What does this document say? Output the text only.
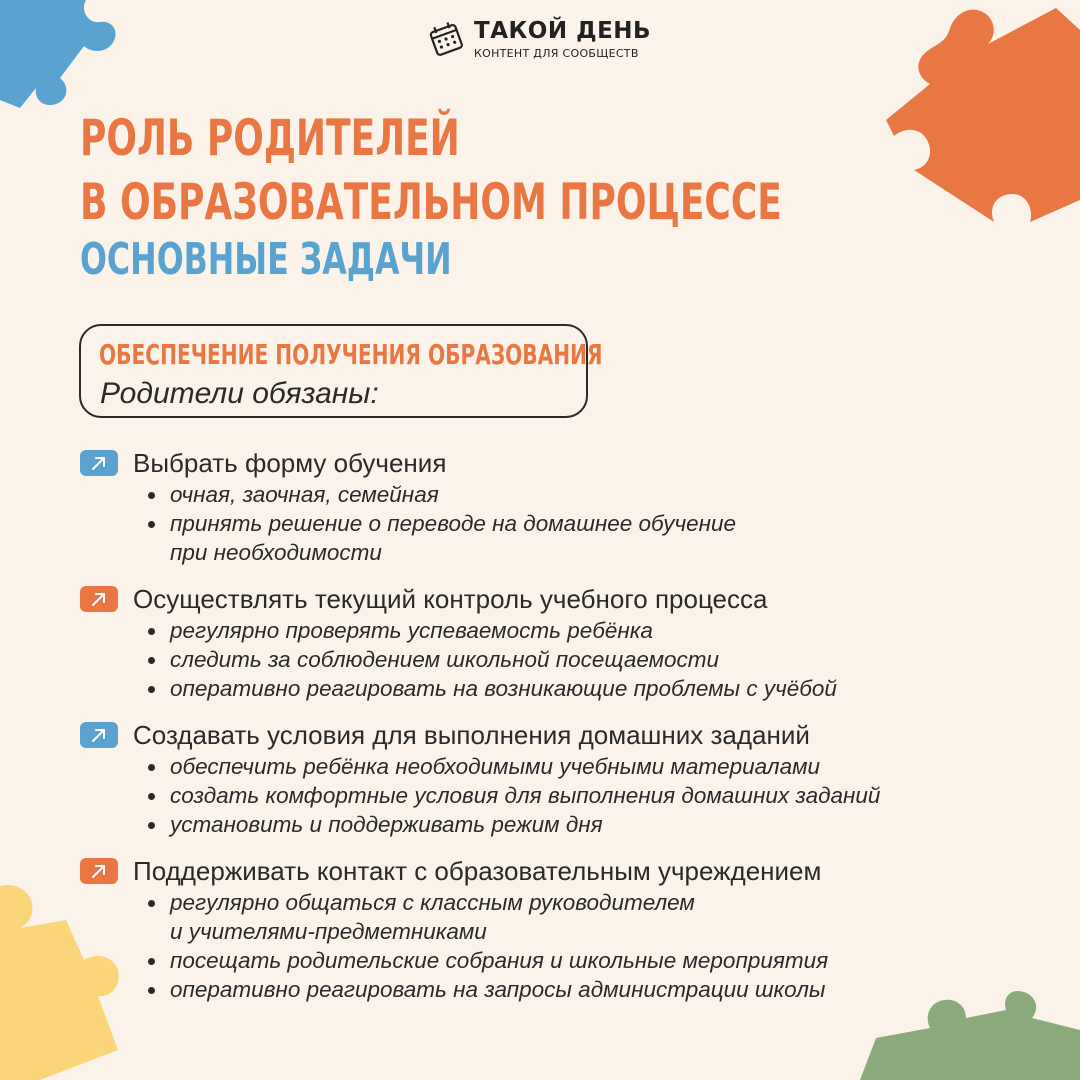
ТАКОЙ ДЕНЬ
КОНТЕНТ ДЛЯ СООБЩЕСТВ
РОЛЬ РОДИТЕЛЕЙ
В ОБРАЗОВАТЕЛЬНОМ ПРОЦЕССЕ
ОСНОВНЫЕ ЗАДАЧИ
ОБЕСПЕЧЕНИЕ ПОЛУЧЕНИЯ ОБРАЗОВАНИЯ
Родители обязаны:
Выбрать форму обучения
очная, заочная, семейная
принять решение о переводе на домашнее обучение
при необходимости
Осуществлять текущий контроль учебного процесса
регулярно проверять успеваемость ребёнка
следить за соблюдением школьной посещаемости
оперативно реагировать на возникающие проблемы с учёбой
Создавать условия для выполнения домашних заданий
обеспечить ребёнка необходимыми учебными материалами
создать комфортные условия для выполнения домашних заданий
установить и поддерживать режим дня
Поддерживать контакт с образовательным учреждением
регулярно общаться с классным руководителем
и учителями-предметниками
посещать родительские собрания и школьные мероприятия
оперативно реагировать на запросы администрации школы
